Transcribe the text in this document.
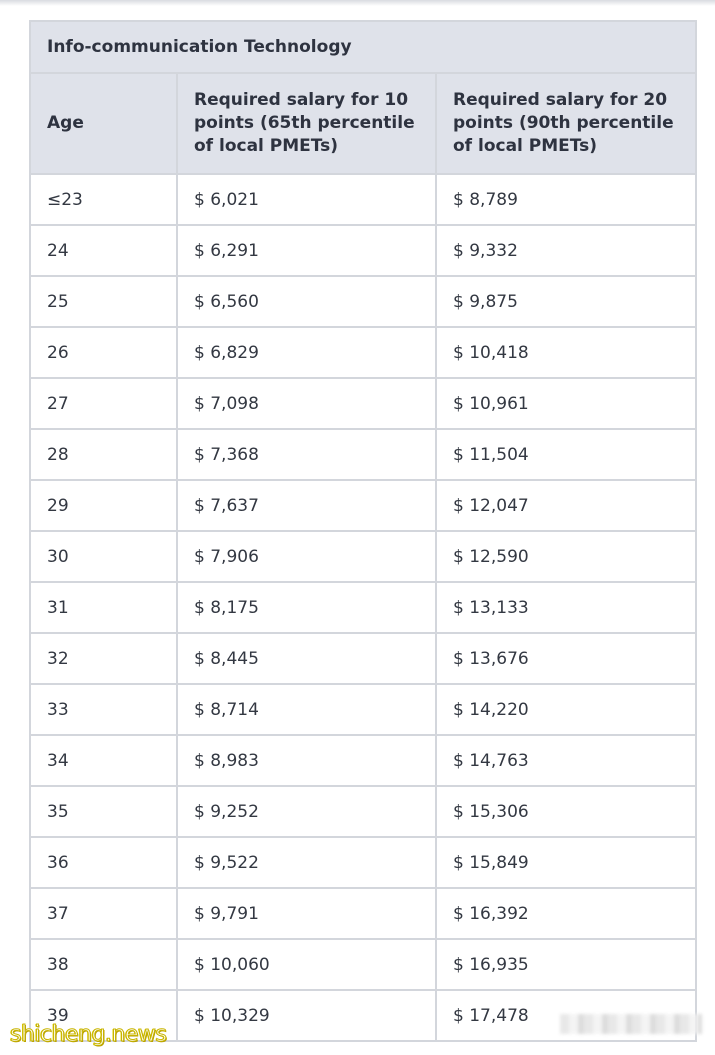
Info-communication Technology		
Age	Required salary for 10 points (65th percentile of local PMETs)	Required salary for 20 points (90th percentile of local PMETs)
≤23	$ 6,021	$ 8,789
24	$ 6,291	$ 9,332
25	$ 6,560	$ 9,875
26	$ 6,829	$ 10,418
27	$ 7,098	$ 10,961
28	$ 7,368	$ 11,504
29	$ 7,637	$ 12,047
30	$ 7,906	$ 12,590
31	$ 8,175	$ 13,133
32	$ 8,445	$ 13,676
33	$ 8,714	$ 14,220
34	$ 8,983	$ 14,763
35	$ 9,252	$ 15,306
36	$ 9,522	$ 15,849
37	$ 9,791	$ 16,392
38	$ 10,060	$ 16,935
39	$ 10,329	$ 17,478
shicheng.news
